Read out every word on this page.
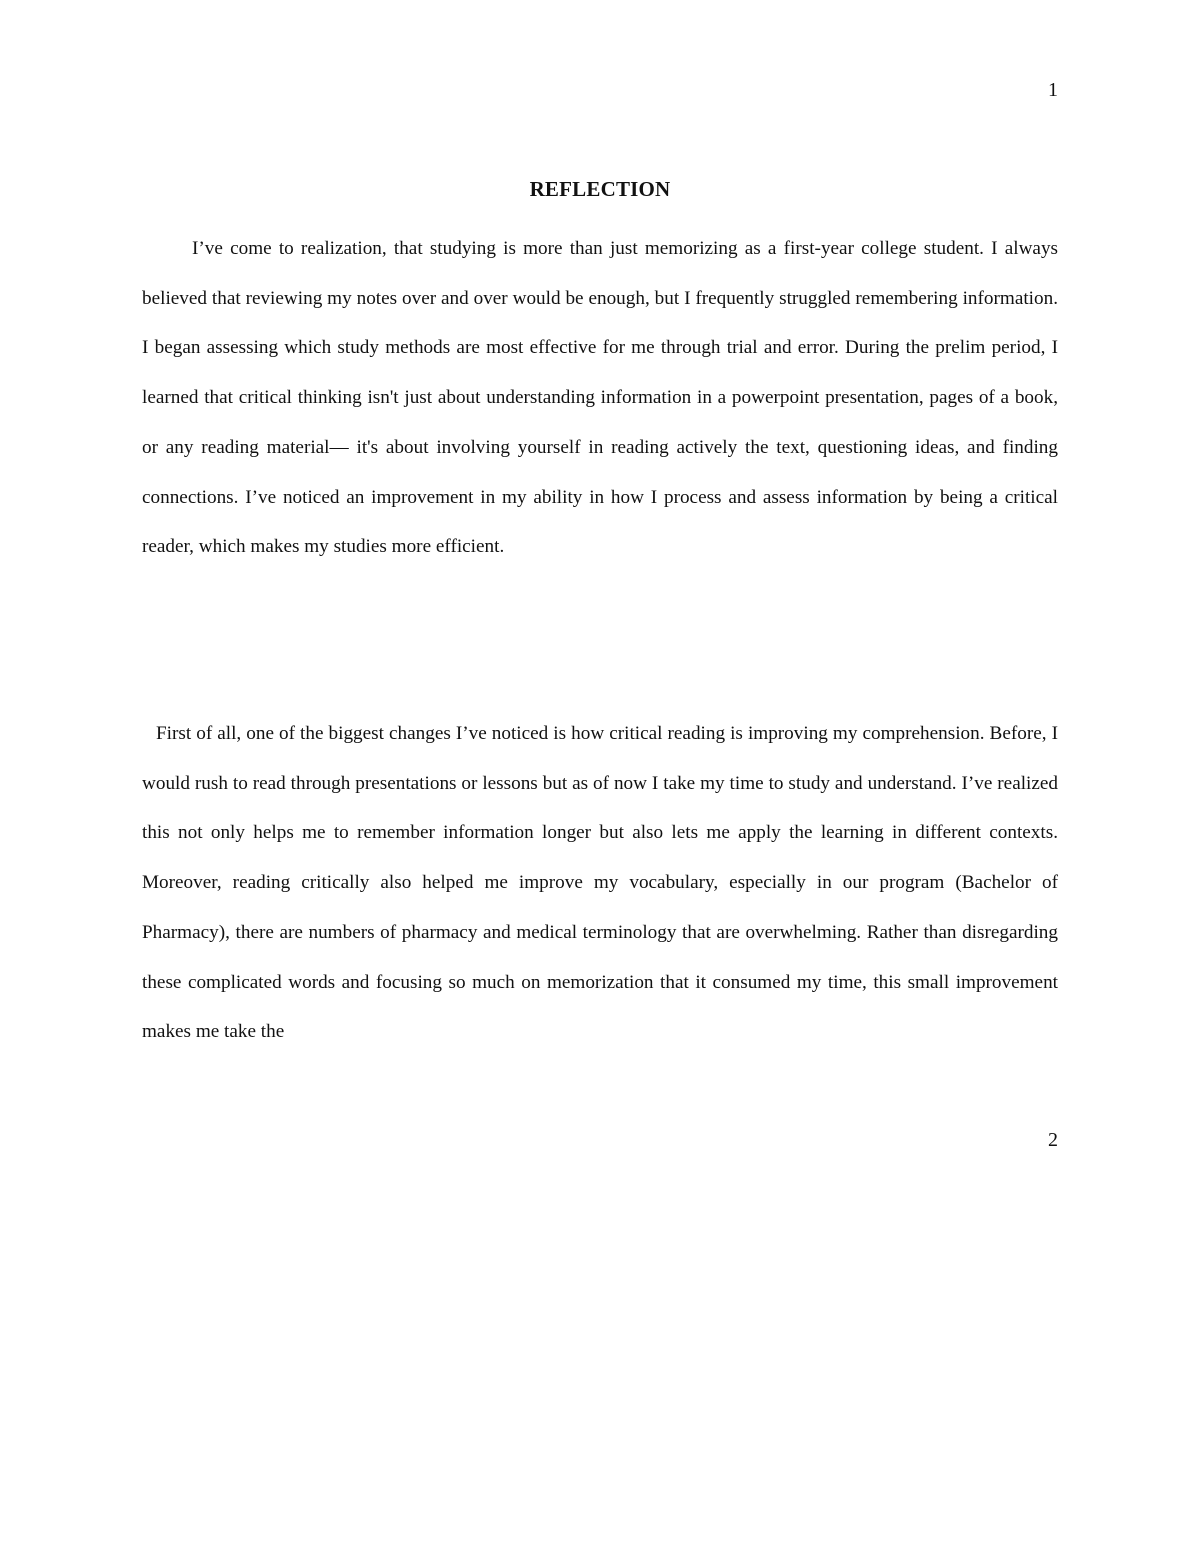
1
REFLECTION

I’ve come to realization, that studying is more than just memorizing as a first-year college student. I always believed that reviewing my notes over and over would be enough, but I frequently struggled remembering information. I began assessing which study methods are most effective for me through trial and error. During the prelim period, I learned that critical thinking isn't just about understanding information in a powerpoint presentation, pages of a book, or any reading material— it's about involving yourself in reading actively the text, questioning ideas, and finding connections. I’ve noticed an improvement in my ability in how I process and assess information by being a critical reader, which makes my studies more efficient.

First of all, one of the biggest changes I’ve noticed is how critical reading is improving my comprehension. Before, I would rush to read through presentations or lessons but as of now I take my time to study and understand. I’ve realized this not only helps me to remember information longer but also lets me apply the learning in different contexts. Moreover, reading critically also helped me improve my vocabulary, especially in our program (Bachelor of Pharmacy), there are numbers of pharmacy and medical terminology that are overwhelming. Rather than disregarding these complicated words and focusing so much on memorization that it consumed my time, this small improvement makes me take the

2
